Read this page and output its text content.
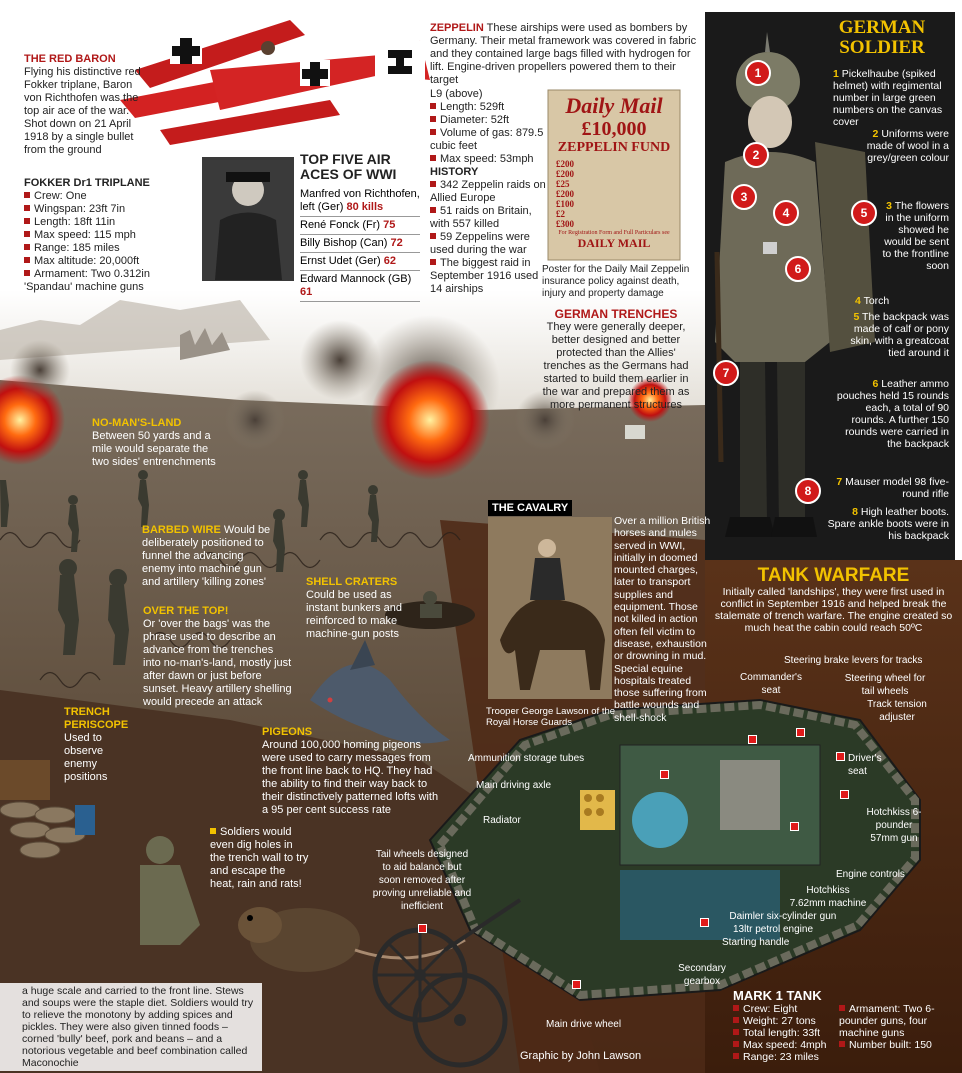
GERMAN
SOLDIER
1
2
3
4	5
6
7
8
1 Pickelhaube (spiked helmet) with regimental number in large green numbers on the canvas cover
2 Uniforms were made of wool in a grey/green colour
3 The flowers in the uniform showed he would be sent to the frontline soon
4 Torch
5 The backpack was made of calf or pony skin, with a greatcoat tied around it
6 Leather ammo pouches held 15 rounds each, a total of 90 rounds. A further 150 rounds were carried in the backpack
7 Mauser model 98 five-round rifle
8 High leather boots. Spare ankle boots were in his backpack
THE RED BARON
Flying his distinctive red Fokker triplane, Baron von Richthofen was the top air ace of the war. Shot down on 21 April 1918 by a single bullet from the ground
FOKKER Dr1 TRIPLANE
Crew: One
Wingspan: 23ft 7in
Length: 18ft 11in
Max speed: 115 mph
Range: 185 miles
Max altitude: 20,000ft
Armament: Two 0.312in 'Spandau' machine guns
TOP FIVE AIR
ACES OF WWI
Manfred von Richthofen, left (Ger) 80 kills
René Fonck (Fr) 75
Billy Bishop (Can) 72
Ernst Udet (Ger) 62
Edward Mannock (GB) 61
ZEPPELIN These airships were used as bombers by Germany. Their metal framework was covered in fabric and they contained large bags filled with hydrogen for lift. Engine-driven propellers powered them to their target
L9 (above)
Length: 529ft
Diameter: 52ft
Volume of gas: 879.5 cubic feet
Max speed: 53mph
HISTORY
342 Zeppelin raids on Allied Europe
51 raids on Britain, with 557 killed
59 Zeppelins were used during the war
The biggest raid in September 1916 used 14 airships
Daily Mail
£10,000
ZEPPELIN FUND
£200
£200
£25
£200
£100
£2
£300
For Registration Form and Full Particulars see
DAILY MAIL
Poster for the Daily Mail Zeppelin insurance policy against death, injury and property damage
GERMAN TRENCHES
They were generally deeper, better designed and better protected than the Allies' trenches as the Germans had started to build them earlier in the war and prepared them as more permanent structures
NO-MAN'S-LAND
Between 50 yards and a mile would separate the two sides' entrenchments
BARBED WIRE Would be deliberately positioned to funnel the advancing enemy into machine gun and artillery 'killing zones'	SHELL CRATERS
Could be used as instant bunkers and reinforced to make machine-gun posts
OVER THE TOP!
Or 'over the bags' was the phrase used to describe an advance from the trenches into no-man's-land, mostly just after dawn or just before sunset. Heavy artillery shelling would precede an attack
TRENCH
PERISCOPE
Used to observe enemy positions
PIGEONS
Around 100,000 homing pigeons were used to carry messages from the front line back to HQ. They had the ability to find their way back to their distinctively patterned lofts with a 95 per cent success rate
Soldiers would even dig holes in the trench wall to try and escape the heat, rain and rats!
a huge scale and carried to the front line. Stews and soups were the staple diet. Soldiers would try to relieve the monotony by adding spices and pickles. They were also given tinned foods – corned 'bully' beef, pork and beans – and a notorious vegetable and beef combination called Maconochie
THE CAVALRY
Over a million British horses and mules served in WWI, initially in doomed mounted charges, later to transport supplies and equipment. Those not killed in action often fell victim to disease, exhaustion or drowning in mud. Special equine hospitals treated those suffering from battle wounds and shell-shock
Trooper George Lawson of the Royal Horse Guards
TANK WARFARE
Initially called 'landships', they were first used in conflict in September 1916 and helped break the stalemate of trench warfare. The engine created so much heat the cabin could reach 50ºC
Steering brake levers for tracks
Commander's seat
Steering wheel for tail wheels
Track tension adjuster
Driver's seat
Hotchkiss 6-pounder 57mm gun
Engine controls
Hotchkiss 7.62mm machine gun
Daimler six-cylinder 13ltr petrol engine
Starting handle
Secondary gearbox
Main drive wheel
Ammunition storage tubes
Main driving axle
Radiator
Tail wheels designed to aid balance but soon removed after proving unreliable and inefficient
MARK 1 TANK
Crew: Eight
Weight: 27 tons
Total length: 33ft
Max speed: 4mph
Range: 23 miles
Armament: Two 6-pounder guns, four machine guns
Number built: 150
Graphic by John Lawson
